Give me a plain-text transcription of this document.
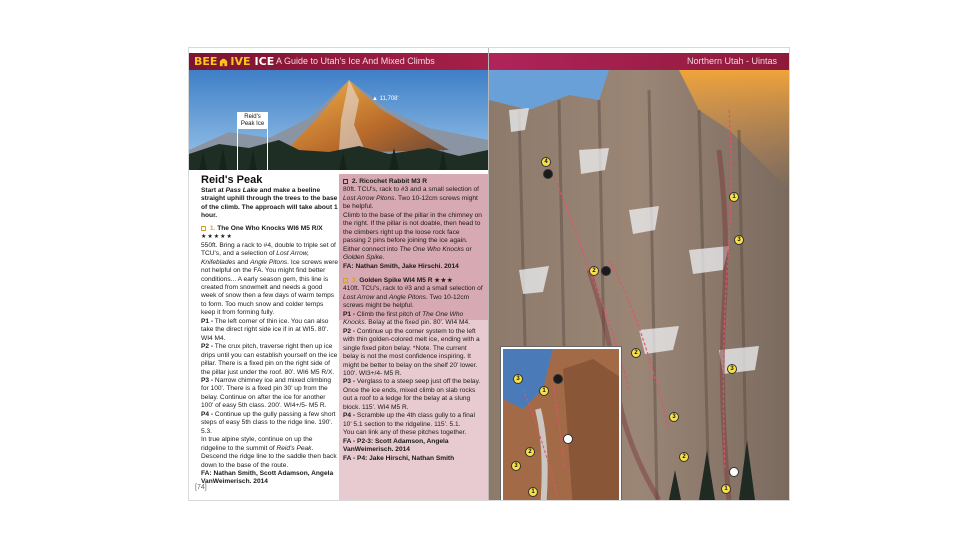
BEE IVE ICE A Guide to Utah's Ice And Mixed Climbs
Reid's Peak Ice
▲ 11,708'
Reid's Peak

Start at Pass Lake and make a beeline straight uphill through the trees to the base of the climb. The approach will take about 1 hour.

1. The One Who Knocks WI6 M5 R/X

★★★★★

550ft. Bring a rack to #4, double to triple set of TCU's, and a selection of Lost Arrow, Knifeblades and Angle Pitons. Ice screws were not helpful on the FA. You might find better conditions... A early season gem, this line is created from snowmelt and needs a good week of snow then a few days of warm temps to form. Too much snow and colder temps keep it from forming fully.

P1 - The left corner of thin ice. You can also take the direct right side ice if in at WI5. 80'. WI4 M4.

P2 - The crux pitch, traverse right then up ice drips until you can establish yourself on the ice pillar. There is a fixed pin on the right side of the pillar just under the roof. 80'. WI6 M5 R/X.

P3 - Narrow chimney ice and mixed climbing for 100'. There is a fixed pin 30' up from the belay. Continue on after the ice for another 100' of easy 5th class. 200'. WI4+/5- M5 R.

P4 - Continue up the gully passing a few short steps of easy 5th class to the ridge line. 190'. 5.3.

In true alpine style, continue on up the ridgeline to the summit of Reid's Peak. Descend the ridge line to the saddle then back down to the base of the route.

FA: Nathan Smith, Scott Adamson, Angela VanWeimerisch. 2014

2. Ricochet Rabbit M3 R

80ft. TCU's, rack to #3 and a small selection of Lost Arrow Pitons. Two 10-12cm screws might be helpful.

Climb to the base of the pillar in the chimney on the right. If the pillar is not doable, then head to the climbers right up the loose rock face passing 2 pins before joining the ice again. Either connect into The One Who Knocks or Golden Spike.

FA: Nathan Smith, Jake Hirschi. 2014

3. Golden Spike WI4 M5 R ★★★

410ft. TCU's, rack to #3 and a small selection of Lost Arrow and Angle Pitons. Two 10-12cm screws might be helpful.

P1 - Climb the first pitch of The One Who Knocks. Belay at the fixed pin. 80'. WI4 M4.

P2 - Continue up the corner system to the left with thin golden-colored melt ice, ending with a single fixed piton belay. *Note. The current belay is not the most confidence inspiring. It might be better to belay on the shelf 20' lower. 100'. WI3+/4- M5 R.

P3 - Verglass to a steep seep just off the belay. Once the ice ends, mixed climb on slab rocks out a roof to a ledge for the belay at a slung block. 115'. WI4 M5 R.

P4 - Scramble up the 4th class gully to a final 10' 5.1 section to the ridgeline. 115'. 5.1.

You can link any of these pitches together.

FA - P2-3: Scott Adamson, Angela VanWeimerisch. 2014

FA - P4: Jake Hirschi, Nathan Smith

[74]
Northern Utah - Uintas
4
3
1
2
2
3
3
2
1
3
1
2
3
1
